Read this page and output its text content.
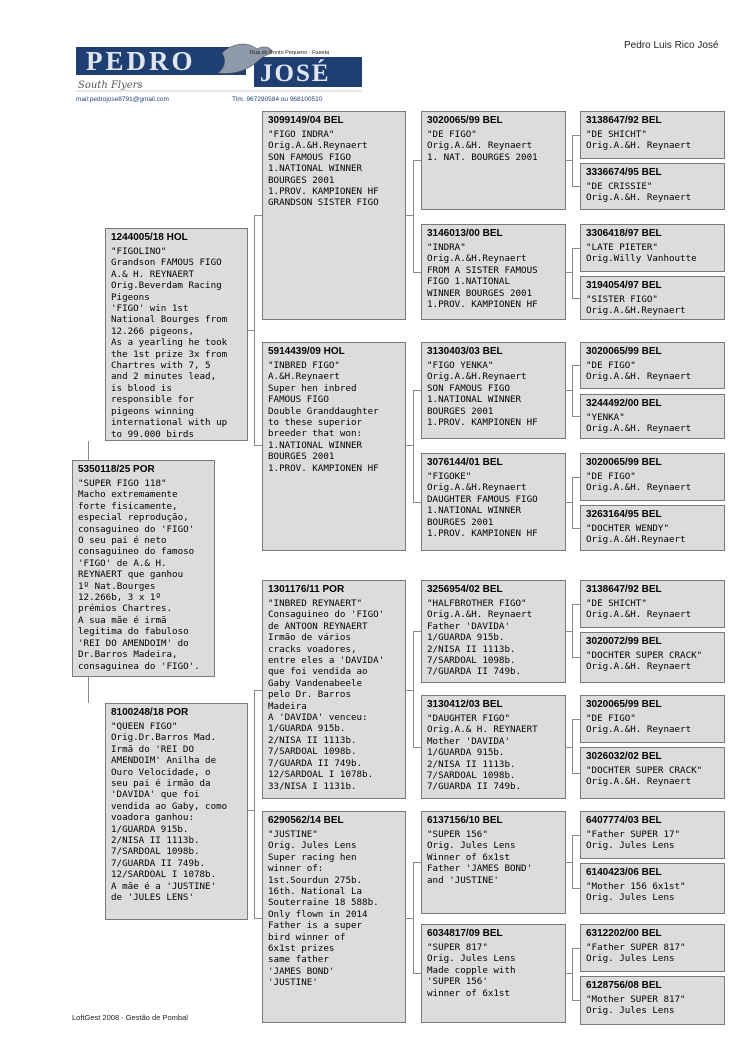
PEDRO	JOSÉ
Rua do Ponto Pequeno · Fueeta
South Flyers
mail:pedrojose8791@gmail.com	Tlm. 967290584 ou 968100510
Pedro Luis Rico José
5350118/25 POR
"SUPER FIGO 118"
Macho extremamente
forte fisicamente,
especial reprodução,
consaguineo do 'FIGO'
O seu pai é neto
consaguineo do famoso
'FIGO' de A.& H.
REYNAERT que ganhou
1º Nat.Bourges
12.266b, 3 x 1º
prémios Chartres.
A sua mãe é irmã
legitima do fabuloso
'REI DO AMENDOIM' do
Dr.Barros Madeira,
consaguinea do 'FIGO'.
1244005/18 HOL
"FIGOLINO"
Grandson FAMOUS FIGO
A.& H. REYNAERT
Orig.Beverdam Racing
Pigeons
'FIGO' win 1st
National Bourges from
12.266 pigeons,
As a yearling he took
the 1st prize 3x from
Chartres with 7, 5
and 2 minutes lead,
is blood is
responsible for
pigeons winning
international with up
to 99.000 birds
8100248/18 POR
"QUEEN FIGO"
Orig.Dr.Barros Mad.
Irmã do 'REI DO
AMENDOIM' Anilha de
Ouro Velocidade, o
seu pai é irmão da
'DAVIDA' que foi
vendida ao Gaby, como
voadora ganhou:
1/GUARDA 915b.
2/NISA II 1113b.
7/SARDOAL 1098b.
7/GUARDA II 749b.
12/SARDOAL I 1078b.
A mãe é a 'JUSTINE'
de 'JULES LENS'
3099149/04 BEL
"FIGO INDRA"
Orig.A.&H.Reynaert
SON FAMOUS FIGO
1.NATIONAL WINNER
BOURGES 2001
1.PROV. KAMPIONEN HF
GRANDSON SISTER FIGO
5914439/09 HOL
"INBRED FIGO"
A.&H.Reynaert
Super hen inbred
FAMOUS FIGO
Double Granddaughter
to these superior
breeder that won:
1.NATIONAL WINNER
BOURGES 2001
1.PROV. KAMPIONEN HF
1301176/11 POR
"INBRED REYNAERT"
Consaguineo do 'FIGO'
de ANTOON REYNAERT
Irmão de vários
cracks voadores,
entre eles a 'DAVIDA'
que foi vendida ao
Gaby Vandenabeele
pelo Dr. Barros
Madeira
A 'DAVIDA' venceu:
1/GUARDA 915b.
2/NISA II 1113b.
7/SARDOAL 1098b.
7/GUARDA II 749b.
12/SARDOAL I 1078b.
33/NISA I 1131b.
6290562/14 BEL
"JUSTINE"
Orig. Jules Lens
Super racing hen
winner of:
1st.Sourdun 275b.
16th. National La
Souterraine 18 588b.
Only flown in 2014
Father is a super
bird winner of
6x1st prizes
same father
'JAMES BOND'
'JUSTINE'
3020065/99 BEL
"DE FIGO"
Orig.A.&H. Reynaert
1. NAT. BOURGES 2001
3146013/00 BEL
"INDRA"
Orig.A.&H.Reynaert
FROM A SISTER FAMOUS
FIGO 1.NATIONAL
WINNER BOURGES 2001
1.PROV. KAMPIONEN HF
3130403/03 BEL
"FIGO YENKA"
Orig.A.&H.Reynaert
SON FAMOUS FIGO
1.NATIONAL WINNER
BOURGES 2001
1.PROV. KAMPIONEN HF
3076144/01 BEL
"FIGOKE"
Orig.A.&H.Reynaert
DAUGHTER FAMOUS FIGO
1.NATIONAL WINNER
BOURGES 2001
1.PROV. KAMPIONEN HF
3256954/02 BEL
"HALFBROTHER FIGO"
Orig.A.&H. Reynaert
Father 'DAVIDA'
1/GUARDA 915b.
2/NISA II 1113b.
7/SARDOAL 1098b.
7/GUARDA II 749b.
3130412/03 BEL
"DAUGHTER FIGO"
Orig.A.& H. REYNAERT
Mother 'DAVIDA'
1/GUARDA 915b.
2/NISA II 1113b.
7/SARDOAL 1098b.
7/GUARDA II 749b.
6137156/10 BEL
"SUPER 156"
Orig. Jules Lens
Winner of 6x1st
Father 'JAMES BOND'
and 'JUSTINE'
6034817/09 BEL
"SUPER 817"
Orig. Jules Lens
Made copple with
'SUPER 156'
winner of 6x1st
3138647/92 BEL
"DE SHICHT"
Orig.A.&H. Reynaert
3336674/95 BEL
"DE CRISSIE"
Orig.A.&H. Reynaert
3306418/97 BEL
"LATE PIETER"
Orig.Willy Vanhoutte
3194054/97 BEL
"SISTER FIGO"
Orig.A.&H.Reynaert
3020065/99 BEL
"DE FIGO"
Orig.A.&H. Reynaert
3244492/00 BEL
"YENKA"
Orig.A.&H. Reynaert
3020065/99 BEL
"DE FIGO"
Orig.A.&H. Reynaert
3263164/95 BEL
"DOCHTER WENDY"
Orig.A.&H.Reynaert
3138647/92 BEL
"DE SHICHT"
Orig.A.&H. Reynaert
3020072/99 BEL
"DOCHTER SUPER CRACK"
Orig.A.&H. Reynaert
3020065/99 BEL
"DE FIGO"
Orig.A.&H. Reynaert
3026032/02 BEL
"DOCHTER SUPER CRACK"
Orig.A.&H. Reynaert
6407774/03 BEL
"Father SUPER 17"
Orig. Jules Lens
6140423/06 BEL
"Mother 156 6x1st"
Orig. Jules Lens
6312202/00 BEL
"Father SUPER 817"
Orig. Jules Lens
6128756/08 BEL
"Mother SUPER 817"
Orig. Jules Lens
LoftGest 2008 - Gestão de Pombal
